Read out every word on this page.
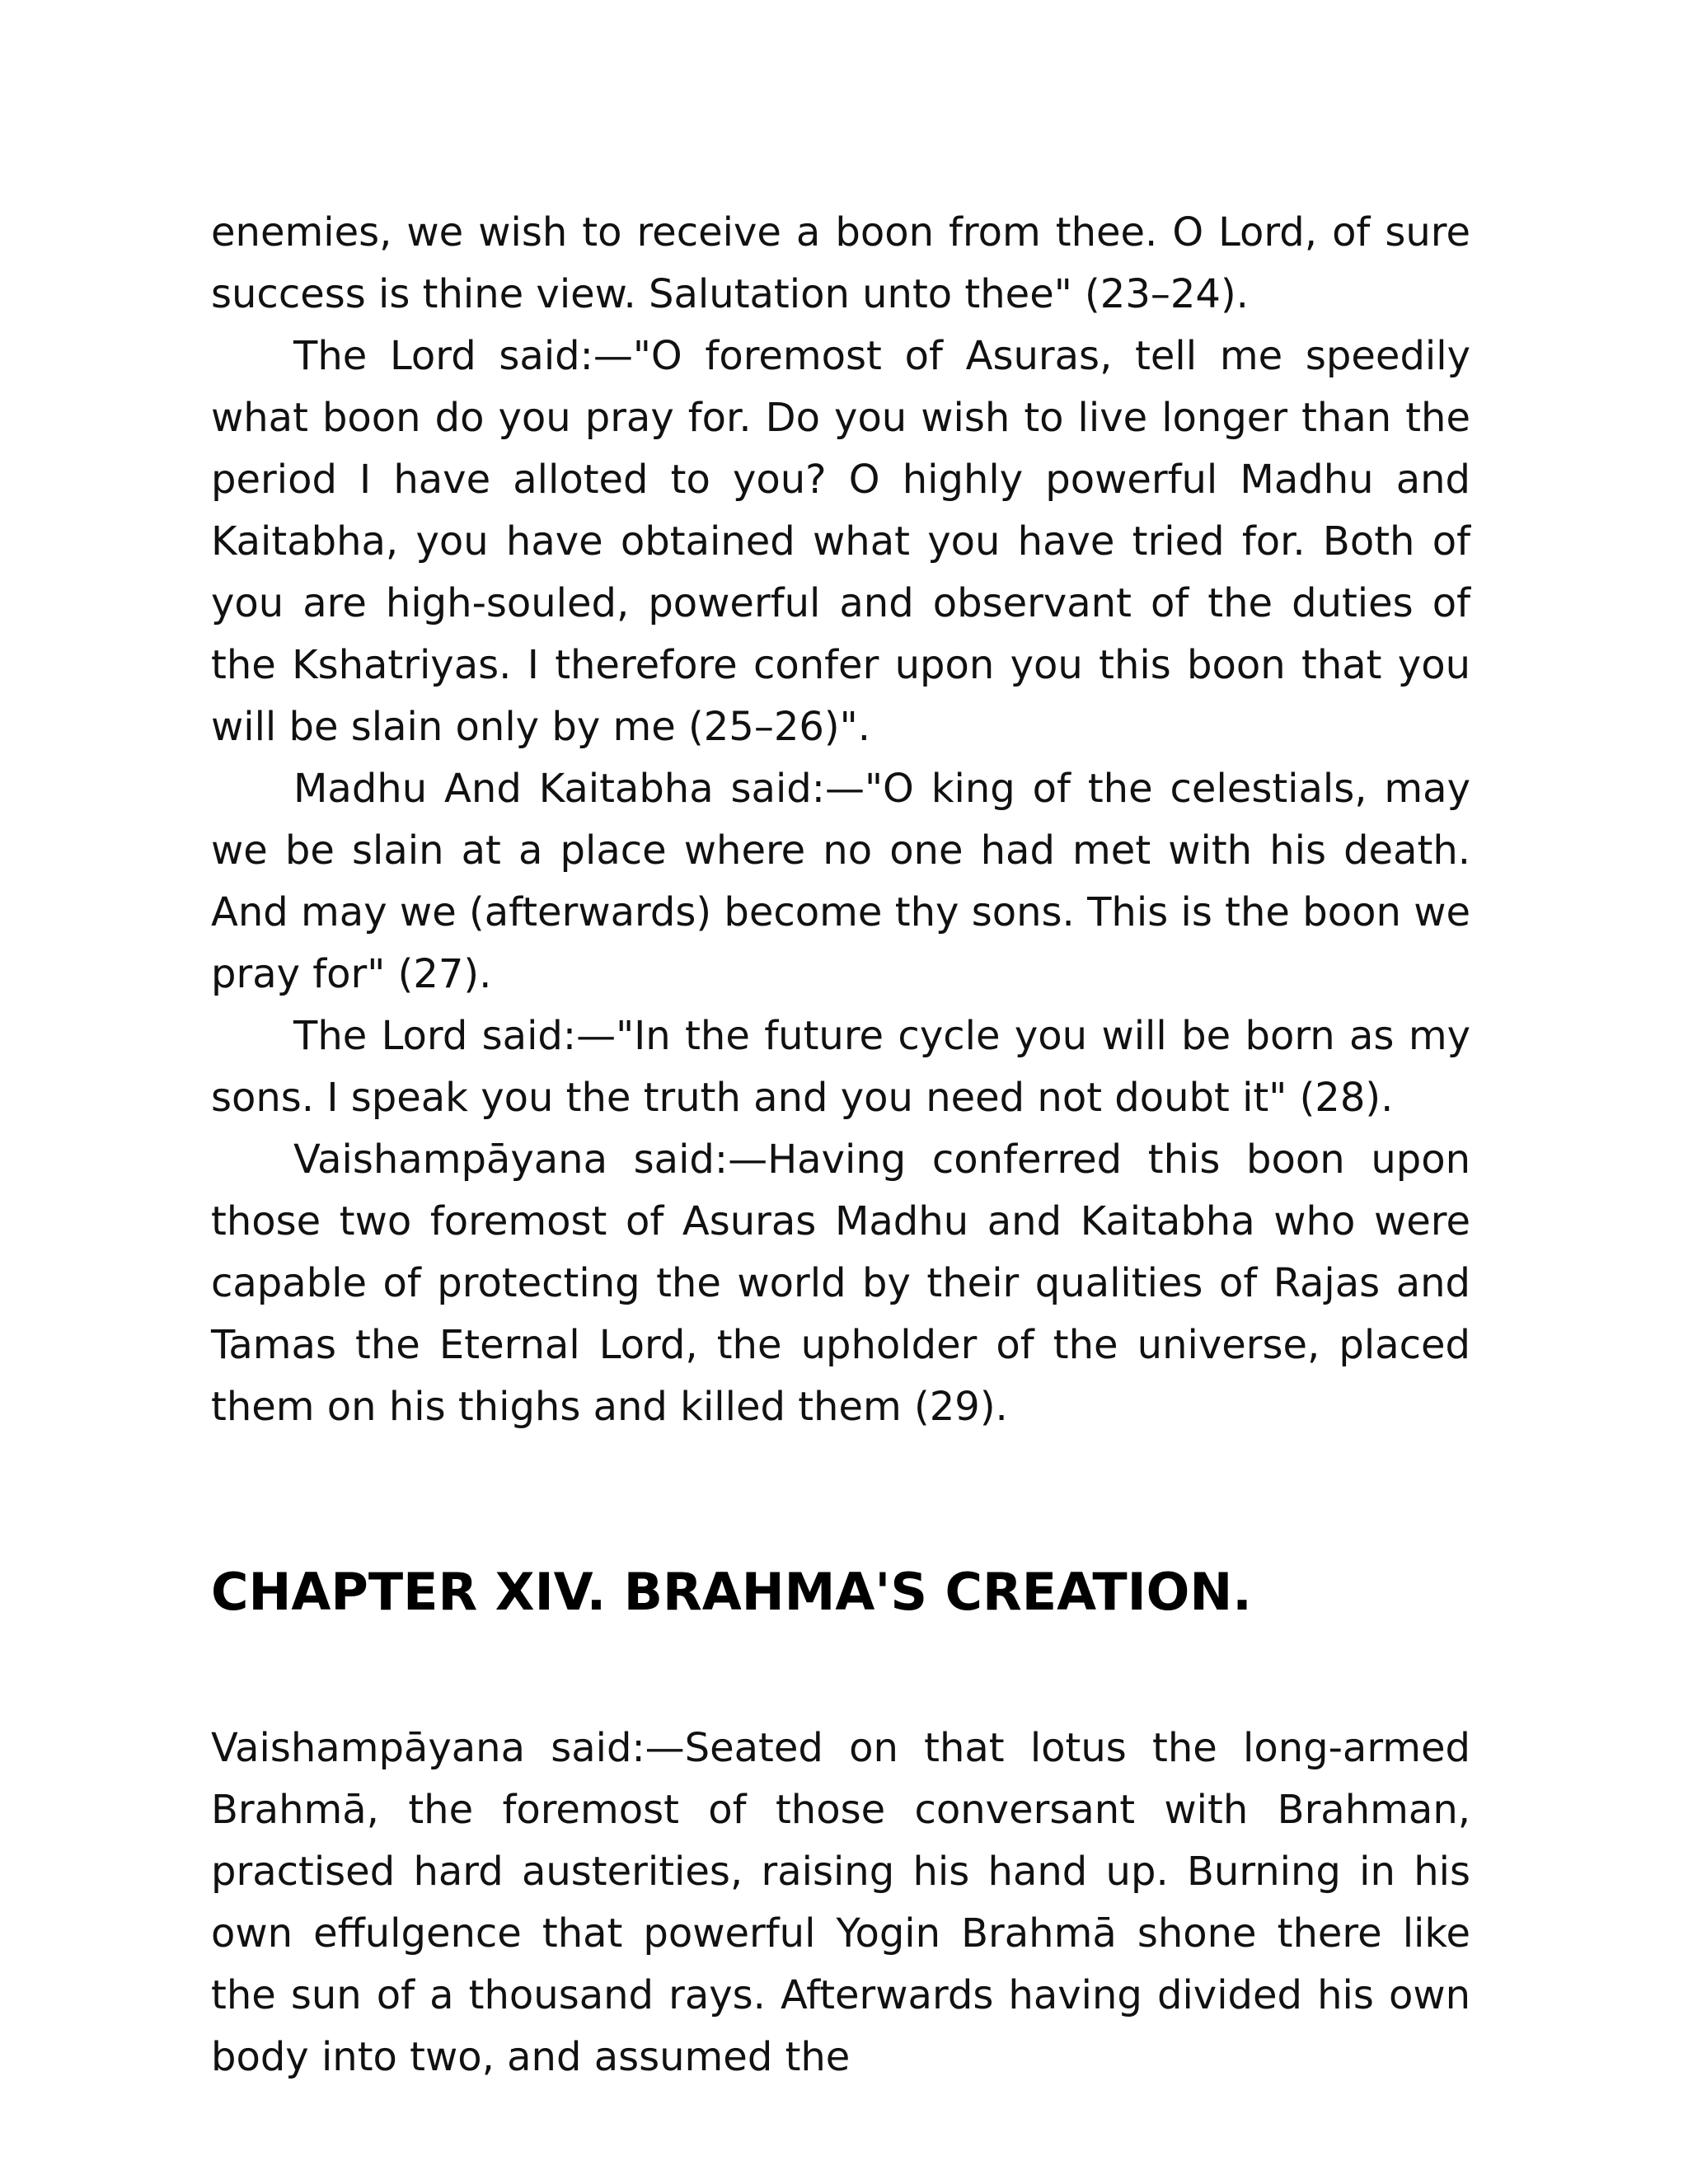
enemies, we wish to receive a boon from thee. O Lord, of sure success is thine view. Salutation unto thee" (23–24).

The Lord said:—"O foremost of Asuras, tell me speedily what boon do you pray for. Do you wish to live longer than the period I have alloted to you? O highly powerful Madhu and Kaitabha, you have obtained what you have tried for. Both of you are high-souled, powerful and observant of the duties of the Kshatriyas. I therefore confer upon you this boon that you will be slain only by me (25–26)".

Madhu And Kaitabha said:—"O king of the celestials, may we be slain at a place where no one had met with his death. And may we (afterwards) become thy sons. This is the boon we pray for" (27).

The Lord said:—"In the future cycle you will be born as my sons. I speak you the truth and you need not doubt it" (28).

Vaishampāyana said:—Having conferred this boon upon those two foremost of Asuras Madhu and Kaitabha who were capable of protecting the world by their qualities of Rajas and Tamas the Eternal Lord, the upholder of the universe, placed them on his thighs and killed them (29).

CHAPTER XIV. BRAHMA'S CREATION.

Vaishampāyana said:—Seated on that lotus the long-armed Brahmā, the foremost of those conversant with Brahman, practised hard austerities, raising his hand up. Burning in his own effulgence that powerful Yogin Brahmā shone there like the sun of a thousand rays. Afterwards having divided his own body into two, and assumed the
